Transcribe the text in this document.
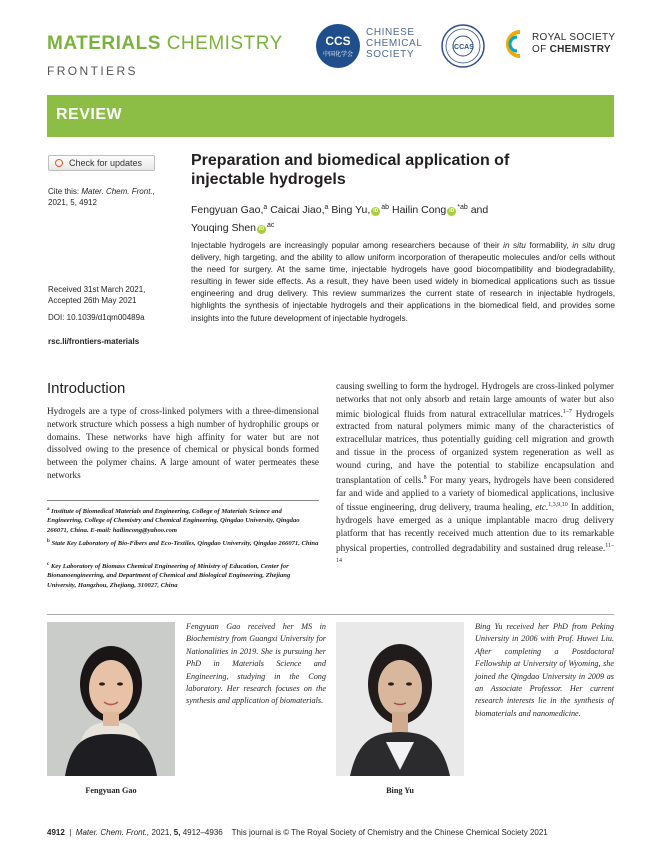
MATERIALS CHEMISTRY
FRONTIERS
CCS
中国化学会
CHINESE
CHEMICAL
SOCIETY
ICCAS
ROYAL SOCIETY
OF CHEMISTRY
REVIEW
Check for updates
Cite this: Mater. Chem. Front.,
2021, 5, 4912
Received 31st March 2021,
Accepted 26th May 2021
DOI: 10.1039/d1qm00489a
rsc.li/frontiers-materials
Preparation and biomedical application of
injectable hydrogels
Fengyuan Gao,$^a$ Caicai Jiao,$^a$ Bing Yu, iD $^{ab}$ Hailin Cong iD $^{*ab}$ and
Youqing Shen iD $^{ac}$
Injectable hydrogels are increasingly popular among researchers because of their in situ formability, in situ drug delivery, high targeting, and the ability to allow uniform incorporation of therapeutic molecules and/or cells without the need for surgery. At the same time, injectable hydrogels have good biocompatibility and biodegradability, resulting in fewer side effects. As a result, they have been used widely in biomedical applications such as tissue engineering and drug delivery. This review summarizes the current state of research in injectable hydrogels, highlights the synthesis of injectable hydrogels and their applications in the biomedical field, and provides some insights into the future development of injectable hydrogels.
Introduction
Hydrogels are a type of cross-linked polymers with a three-dimensional network structure which possess a high number of hydrophilic groups or domains. These networks have high affinity for water but are not dissolved owing to the presence of chemical or physical bonds formed between the polymer chains. A large amount of water permeates these networks
causing swelling to form the hydrogel. Hydrogels are cross-linked polymer networks that not only absorb and retain large amounts of water but also mimic biological fluids from natural extracellular matrices.$^{1-7}$ Hydrogels extracted from natural polymers mimic many of the characteristics of extracellular matrices, thus potentially guiding cell migration and growth and tissue in the process of organized system regeneration as well as wound curing, and have the potential to stabilize encapsulation and transplantation of cells.$^8$ For many years, hydrogels have been considered far and wide and applied to a variety of biomedical applications, inclusive of tissue engineering, drug delivery, trauma healing, etc.$^{1,3,9,10}$ In addition, hydrogels have emerged as a unique implantable macro drug delivery platform that has recently received much attention due to its remarkable physical properties, controlled degradability and sustained drug release.$^{11-14}$
$^a$ Institute of Biomedical Materials and Engineering, College of Materials Science and Engineering, College of Chemistry and Chemical Engineering, Qingdao University, Qingdao 266071, China. E-mail: hailincong@yahoo.com
$^b$ State Key Laboratory of Bio-Fibers and Eco-Textiles, Qingdao University, Qingdao 266071, China
$^c$ Key Laboratory of Biomass Chemical Engineering of Ministry of Education, Center for Bionanoengineering, and Department of Chemical and Biological Engineering, Zhejiang University, Hangzhou, Zhejiang, 310027, China
Fengyuan Gao
Fengyuan Gao received her MS in Biochemistry from Guangxi University for Nationalities in 2019. She is pursuing her PhD in Materials Science and Engineering, studying in the Cong laboratory. Her research focuses on the synthesis and application of biomaterials.
Bing Yu
Bing Yu received her PhD from Peking University in 2006 with Prof. Huwei Liu. After completing a Postdoctoral Fellowship at University of Wyoming, she joined the Qingdao University in 2009 as an Associate Professor. Her current research interests lie in the synthesis of biomaterials and nanomedicine.
4912 | Mater. Chem. Front., 2021, 5, 4912–4936 This journal is © The Royal Society of Chemistry and the Chinese Chemical Society 2021
